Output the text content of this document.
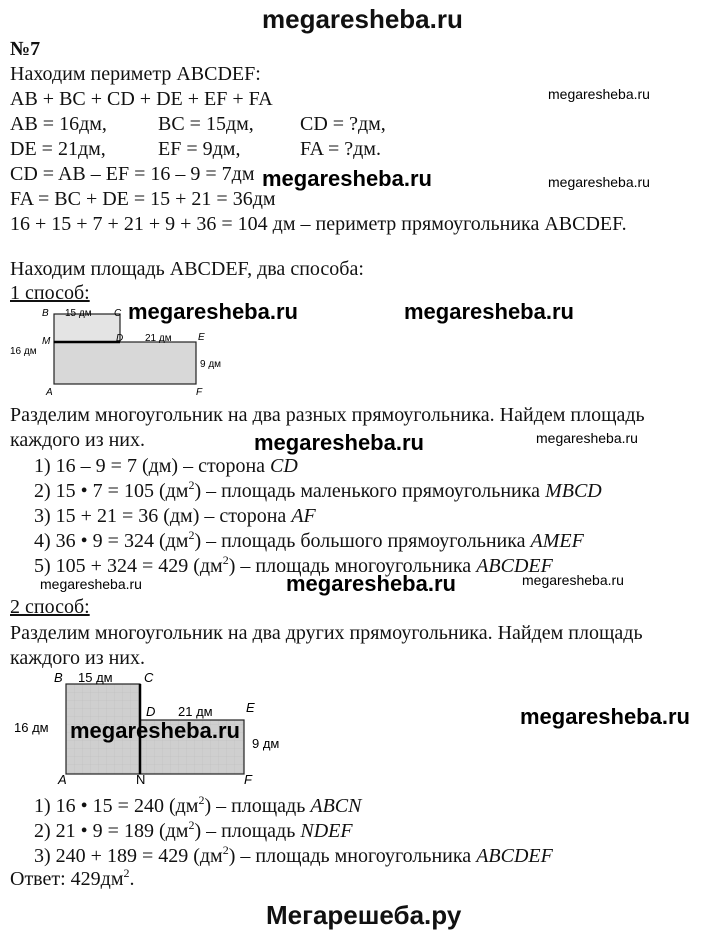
megaresheba.ru
№7
Находим периметр ABCDEF:
AB + BC + CD + DE + EF + FA	megaresheba.ru
AB = 16дм,	BC = 15дм, CD = ?дм,
DE = 21дм,	EF = 9дм,	FA = ?дм.
CD = AB – EF = 16 – 9 = 7дм megaresheba.ru	megaresheba.ru
FA = BC + DE = 15 + 21 = 36дм
16 + 15 + 7 + 21 + 9 + 36 = 104 дм – периметр прямоугольника ABCDEF.
Находим площадь ABCDEF, два способа:
1 способ:
B 15 дм C
M	D 21 дм	E
16 дм
9 дм
A	F
megaresheba.ru	megaresheba.ru
Разделим многоугольник на два разных прямоугольника. Найдем площадь
каждого из них.	megaresheba.ru	megaresheba.ru
1) 16 – 9 = 7 (дм) – сторона CD
2) 15 • 7 = 105 $(дм^2)$ – площадь маленького прямоугольника MBCD
3) 15 + 21 = 36 (дм) – сторона AF
4) 36 • 9 = 324 $(дм^2)$ – площадь большого прямоугольника AMEF
5) 105 + 324 = 429 $(дм^2)$ – площадь многоугольника ABCDEF
megaresheba.ru	megaresheba.ru	megaresheba.ru
2 способ:
Разделим многоугольник на два других прямоугольника. Найдем площадь
каждого из них.
B 15 дм C
D 21 дм	E
16 дм
9 дм
A	N	F
megaresheba.ru
megaresheba.ru
1) 16 • 15 = 240 $(дм^2)$ – площадь ABCN
2) 21 • 9 = 189 $(дм^2)$ – площадь NDEF
3) 240 + 189 = 429 $(дм^2)$ – площадь многоугольника ABCDEF
Ответ: $429дм^2$.
Мегарешеба.ру
